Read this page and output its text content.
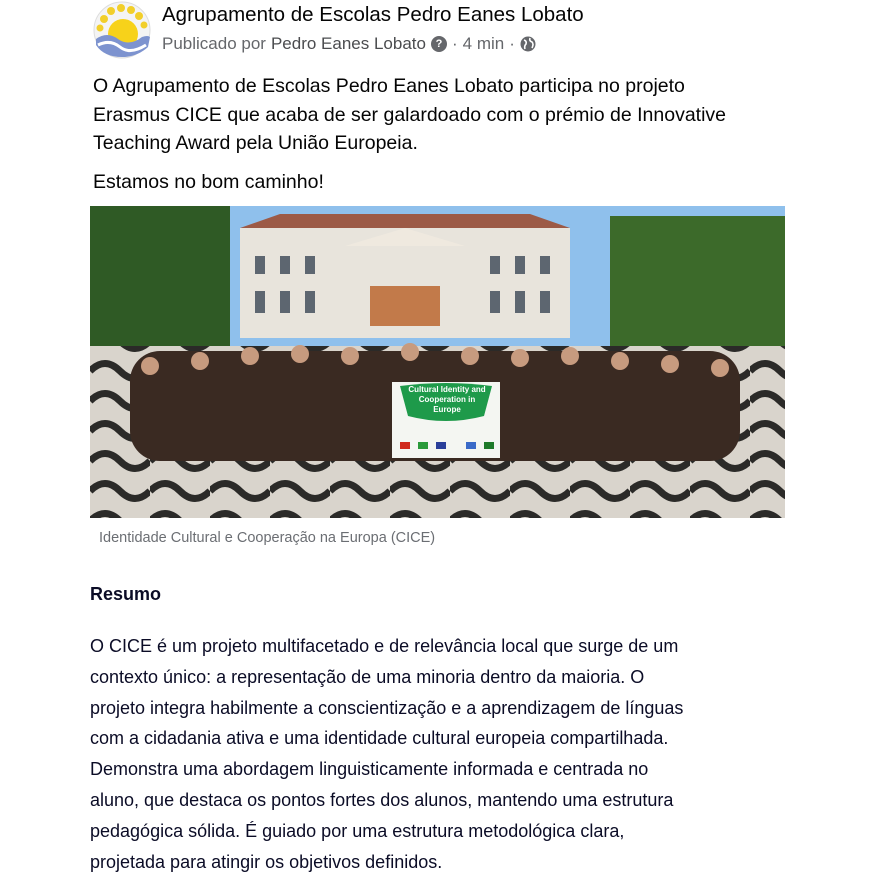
Agrupamento de Escolas Pedro Eanes Lobato
Publicado por Pedro Eanes Lobato ? · 4 min ·
O Agrupamento de Escolas Pedro Eanes Lobato participa no projeto
Erasmus CICE que acaba de ser galardoado com o prémio de Innovative
Teaching Award pela União Europeia.
Estamos no bom caminho!
Cultural Identity and Cooperation in Europe
Identidade Cultural e Cooperação na Europa (CICE)
Resumo
O CICE é um projeto multifacetado e de relevância local que surge de um
contexto único: a representação de uma minoria dentro da maioria. O
projeto integra habilmente a conscientização e a aprendizagem de línguas
com a cidadania ativa e uma identidade cultural europeia compartilhada.
Demonstra uma abordagem linguisticamente informada e centrada no
aluno, que destaca os pontos fortes dos alunos, mantendo uma estrutura
pedagógica sólida. É guiado por uma estrutura metodológica clara,
projetada para atingir os objetivos definidos.
